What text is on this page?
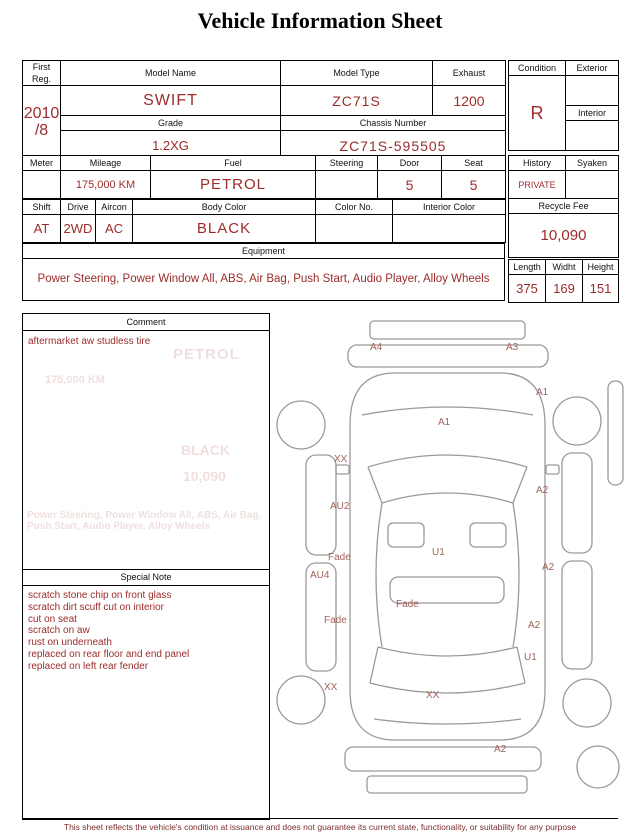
Vehicle Information Sheet
First Reg.	Model Name	Model Type	Exhaust

2010
/8	SWIFT	ZC71S	1200
	Grade	Chassis Number	
	1.2XG	ZC71S-595505	
Condition	Exterior
R	
	Interior

Meter	Mileage	Fuel	Steering	Door	Seat
	175,000 KM	PETROL		5	5
Shift	Drive	Aircon	Body Color	Color No.	Interior Color
AT	2WD	AC	BLACK		
Equipment
Power Steering, Power Window All, ABS, Air Bag, Push Start, Audio Player, Alloy Wheels
History	Syaken
PRIVATE	
Recycle Fee	
10,090	
Length	Widht	Height
375	169	151
Comment
aftermarket aw studless tire
PETROL
175,000 KM
BLACK
10,090
Power Steering, Power Window All, ABS, Air Bag, Push Start, Audio Player, Alloy Wheels
Special Note
scratch stone chip on front glass
scratch dirt scuff cut on interior
cut on seat
scratch on aw
rust on underneath
replaced on rear floor and end panel
replaced on left rear fender
A4	A3
A1
A1
XX
AU2
A2
Fade	U1
AU4
A2
Fade
Fade	A2
U1
XX
XX
A2
This sheet reflects the vehicle's condition at issuance and does not guarantee its current state, functionality, or suitability for any purpose
